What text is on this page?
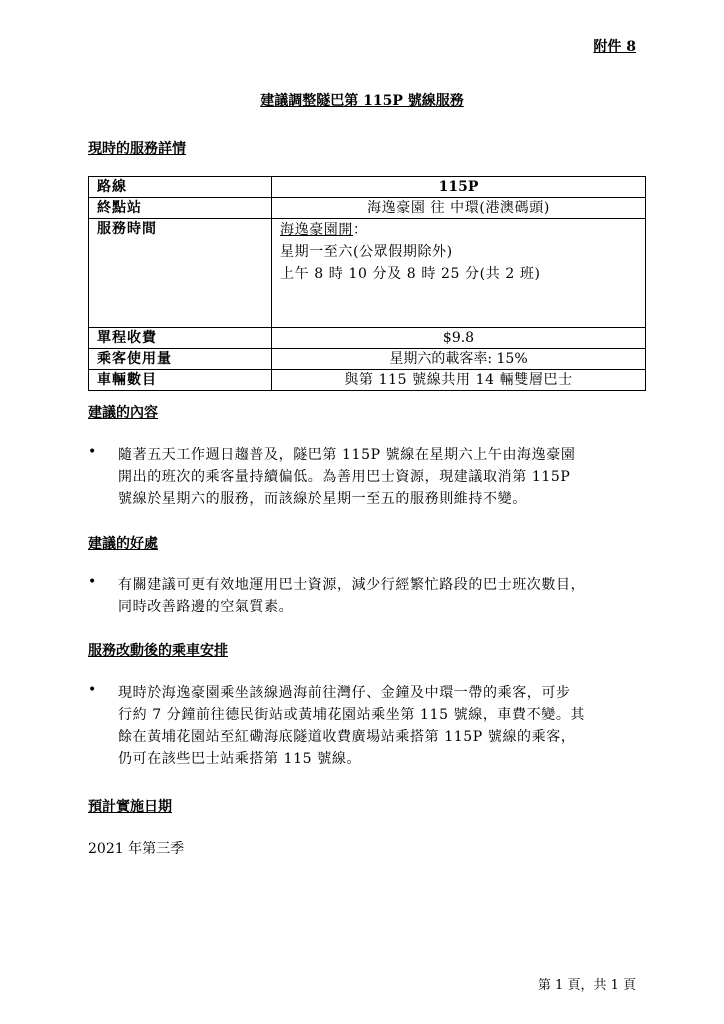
附件 8
建議調整隧巴第 115P 號線服務
現時的服務詳情
路線	115P
終點站	海逸豪園 往 中環(港澳碼頭)
服務時間	海逸豪園開：
星期一至六(公眾假期除外)
上午 8 時 10 分及 8 時 25 分(共 2 班)

單程收費	$9.8
乘客使用量	星期六的載客率: 15%
車輛數目	與第 115 號線共用 14 輛雙層巴士
建議的內容
•	隨著五天工作週日趨普及，隧巴第 115P 號線在星期六上午由海逸豪園
開出的班次的乘客量持續偏低。為善用巴士資源，現建議取消第 115P
號線於星期六的服務，而該線於星期一至五的服務則維持不變。
建議的好處
•	有關建議可更有效地運用巴士資源，減少行經繁忙路段的巴士班次數目，
同時改善路邊的空氣質素。
服務改動後的乘車安排
•	現時於海逸豪園乘坐該線過海前往灣仔、金鐘及中環一帶的乘客，可步
行約 7 分鐘前往德民街站或黃埔花園站乘坐第 115 號線，車費不變。其
餘在黃埔花園站至紅磡海底隧道收費廣場站乘搭第 115P 號線的乘客，
仍可在該些巴士站乘搭第 115 號線。
預計實施日期
2021 年第三季
第 1 頁，共 1 頁
